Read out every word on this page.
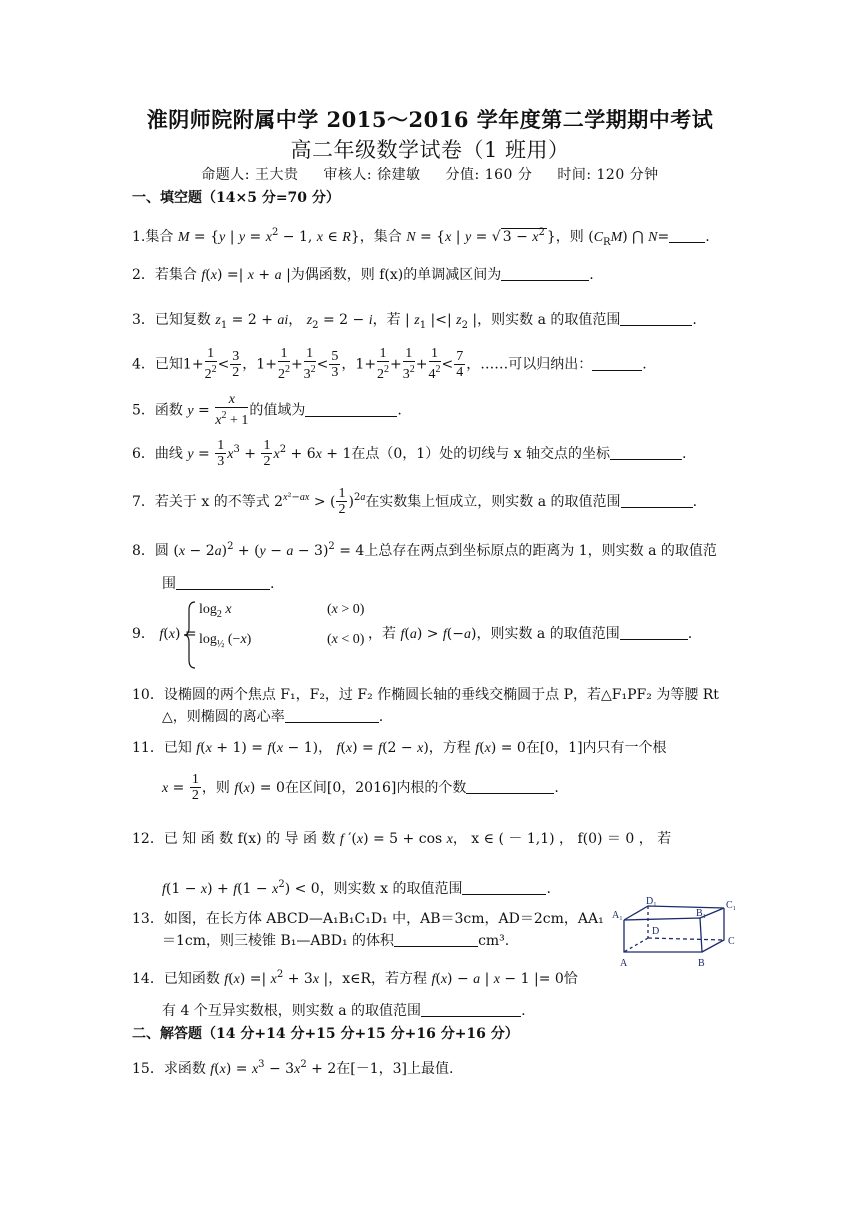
淮阴师院附属中学 2015～2016 学年度第二学期期中考试
高二年级数学试卷（1 班用）
命题人: 王大贵 审核人: 徐建敏 分值: 160 分 时间: 120 分钟
一、填空题（14×5 分=70 分）
1.集合 M = {y | y = x2 − 1, x ∈ R}，集合 N = {x | y = √ 3 − x2 }，则 (CRM) ⋂ N=	.
2．若集合 f(x) =| x + a |为偶函数，则 f(x)的单调减区间为	.
3．已知复数 z1 = 2 + ai， z2 = 2 − i，若 | z1 |<| z2 |，则实数 a 的取值范围	.
4．已知$1+ \frac{1}{22} < \frac{3}{2}$ ，$1+ \frac{1}{22} + \frac{1}{32} < \frac{5}{3}$ ，$1+ \frac{1}{22} + \frac{1}{32} + \frac{1}{42} < \frac{7}{4}$ ，……可以归纳出：	.
5．函数 $y = \frac{x}{x2 + 1}$ 的值域为	.
6．曲线 $y = \frac{1}{3} x3 + \frac{1}{2} x2 + 6x + 1$在点（0，1）处的切线与 x 轴交点的坐标	.
7．若关于 x 的不等式 2x²−ax > ( $\frac{1}{2} )2a$在实数集上恒成立，则实数 a 的取值范围	.
8．圆 (x − 2a)2 + (y − a − 3)2 = 4上总存在两点到坐标原点的距离为 1，则实数 a 的取值范
围	.
9． f(x) =
log2 x	(x > 0)
log½ (−x)	(x < 0) ，若 f(a) > f(−a)，则实数 a 的取值范围	.
10．设椭圆的两个焦点 F₁，F₂，过 F₂ 作椭圆长轴的垂线交椭圆于点 P，若△F₁PF₂ 为等腰 Rt
△，则椭圆的离心率	.
11．已知 f(x + 1) = f(x − 1)， f(x) = f(2 − x)，方程 f(x) = 0在[0，1]内只有一个根
$x = \frac{1}{2}$ ，则 f(x) = 0在区间[0，2016]内根的个数	.
12．已 知 函 数 f(x) 的 导 函 数 f ′(x) = 5 + cos x， x ∈ ( － 1,1) ， f(0) ＝ 0 ， 若
f(1 − x) + f(1 − x2) < 0，则实数 x 的取值范围	.
13．如图，在长方体 ABCD—A₁B₁C₁D₁ 中，AB＝3cm，AD＝2cm，AA₁
＝1cm，则三棱锥 B₁—ABD₁ 的体积	cm³.
D₁	C₁
A₁	B₁
D
C
A	B
14．已知函数 f(x) =| x2 + 3x |，x∈R，若方程 f(x) − a | x − 1 |= 0恰
有 4 个互异实数根，则实数 a 的取值范围	.
二、解答题（14 分+14 分+15 分+15 分+16 分+16 分）
15．求函数 f(x) = x3 − 3x2 + 2在[－1，3]上最值.
